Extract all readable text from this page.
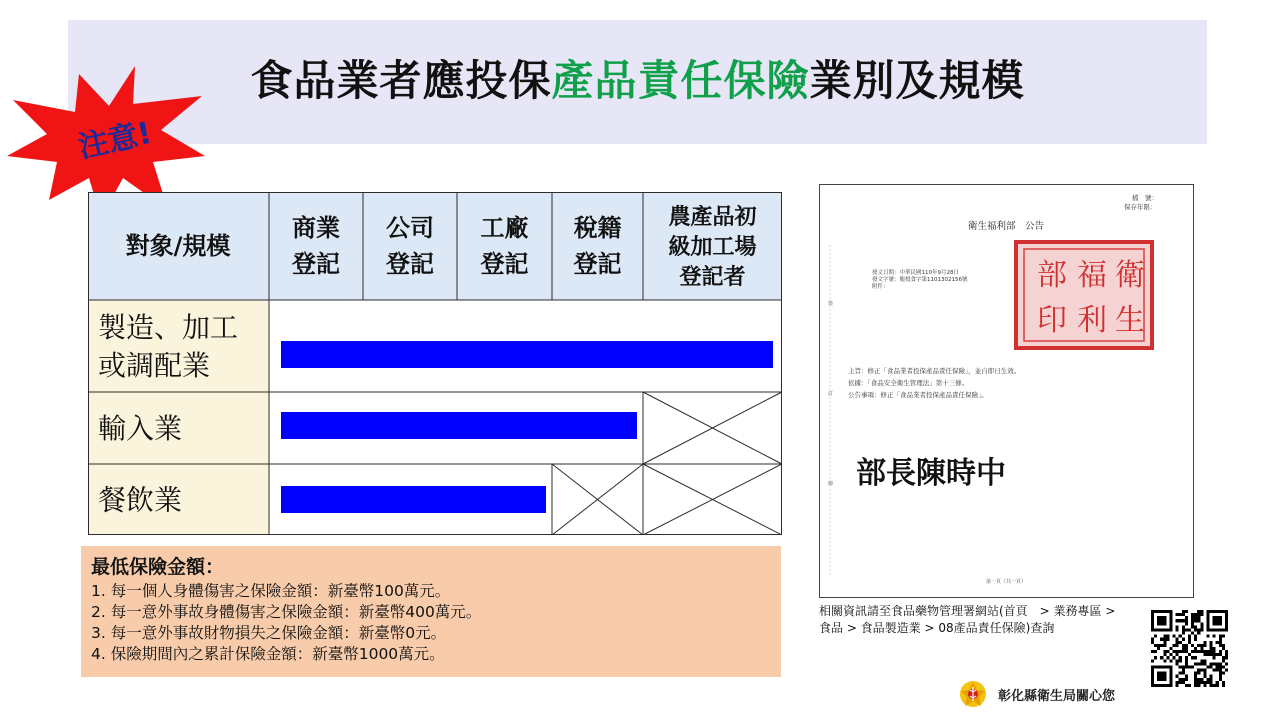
食品業者應投保產品責任保險業別及規模
注意!
對象/規模
商業
登記
公司
登記
工廠
登記
稅籍
登記
農產品初
級加工場
登記者
製造、加工
或調配業
輸入業
餐飲業
最低保險金額：
1. 每一個人身體傷害之保險金額：新臺幣100萬元。
2. 每一意外事故身體傷害之保險金額：新臺幣400萬元。
3. 每一意外事故財物損失之保險金額：新臺幣0元。
4. 保險期間內之累計保險金額：新臺幣1000萬元。
檔　號：
保存年限：
衛生福利部　公告
發文日期：中華民國110年9月28日
發文字號：衛授食字第1101302156號
附件：	衛
福
部
生
利
印
主旨：修正「食品業者投保產品責任保險」，並自即日生效。
依據：「食品安全衛生管理法」第十三條。
公告事項：修正「食品業者投保產品責任保險」。
部長陳時中
裝
訂
線
第一頁（共一頁）
相關資訊請至食品藥物管理署網站(首頁　> 業務專區 > 食品 > 食品製造業 > 08產品責任保險)查詢
彰化縣衛生局關心您
